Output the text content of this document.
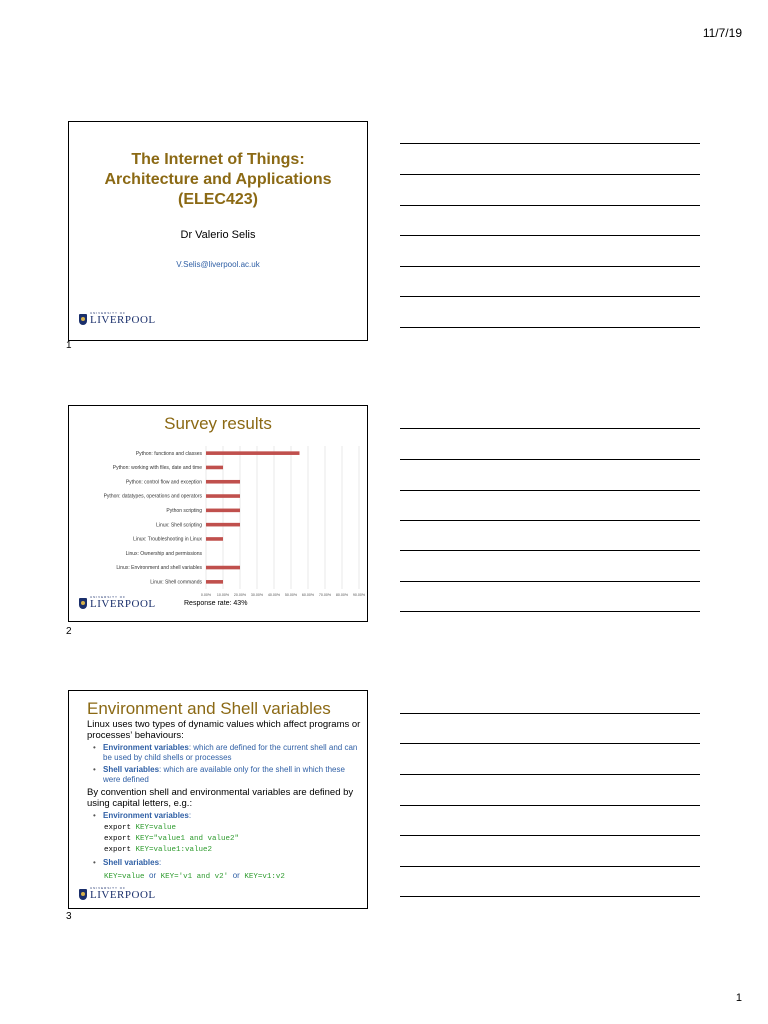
11/7/19
The Internet of Things:
Architecture and Applications
(ELEC423)
Dr Valerio Selis
V.Selis@liverpool.ac.uk
UNIVERSITY OF
LIVERPOOL
1
Survey results
Python: functions and classes
Python: working with files, date and time
Python: control flow and exception
Python: datatypes, operations and operators
Python scripting
Linux: Shell scripting
Linux: Troubleshooting in Linux
Linux: Ownership and permissions
Linux: Environment and shell variables
Linux: Shell commands
0.00% 10.00% 20.00% 30.00% 40.00% 50.00% 60.00% 70.00% 80.00% 90.00%
Response rate: 43%
UNIVERSITY OF
LIVERPOOL
2
Environment and Shell variables

Linux uses two types of dynamic values which affect programs or processes’ behaviours:

• Environment variables: which are defined for the current shell and can be used by child shells or processes
• Shell variables: which are available only for the shell in which these were defined

By convention shell and environmental variables are defined by using capital letters, e.g.:

• Environment variables:
export KEY=value
export KEY="value1 and value2"
export KEY=value1:value2
• Shell variables:
KEY=value or KEY='v1 and v2' or KEY=v1:v2
UNIVERSITY OF
LIVERPOOL
3
1
